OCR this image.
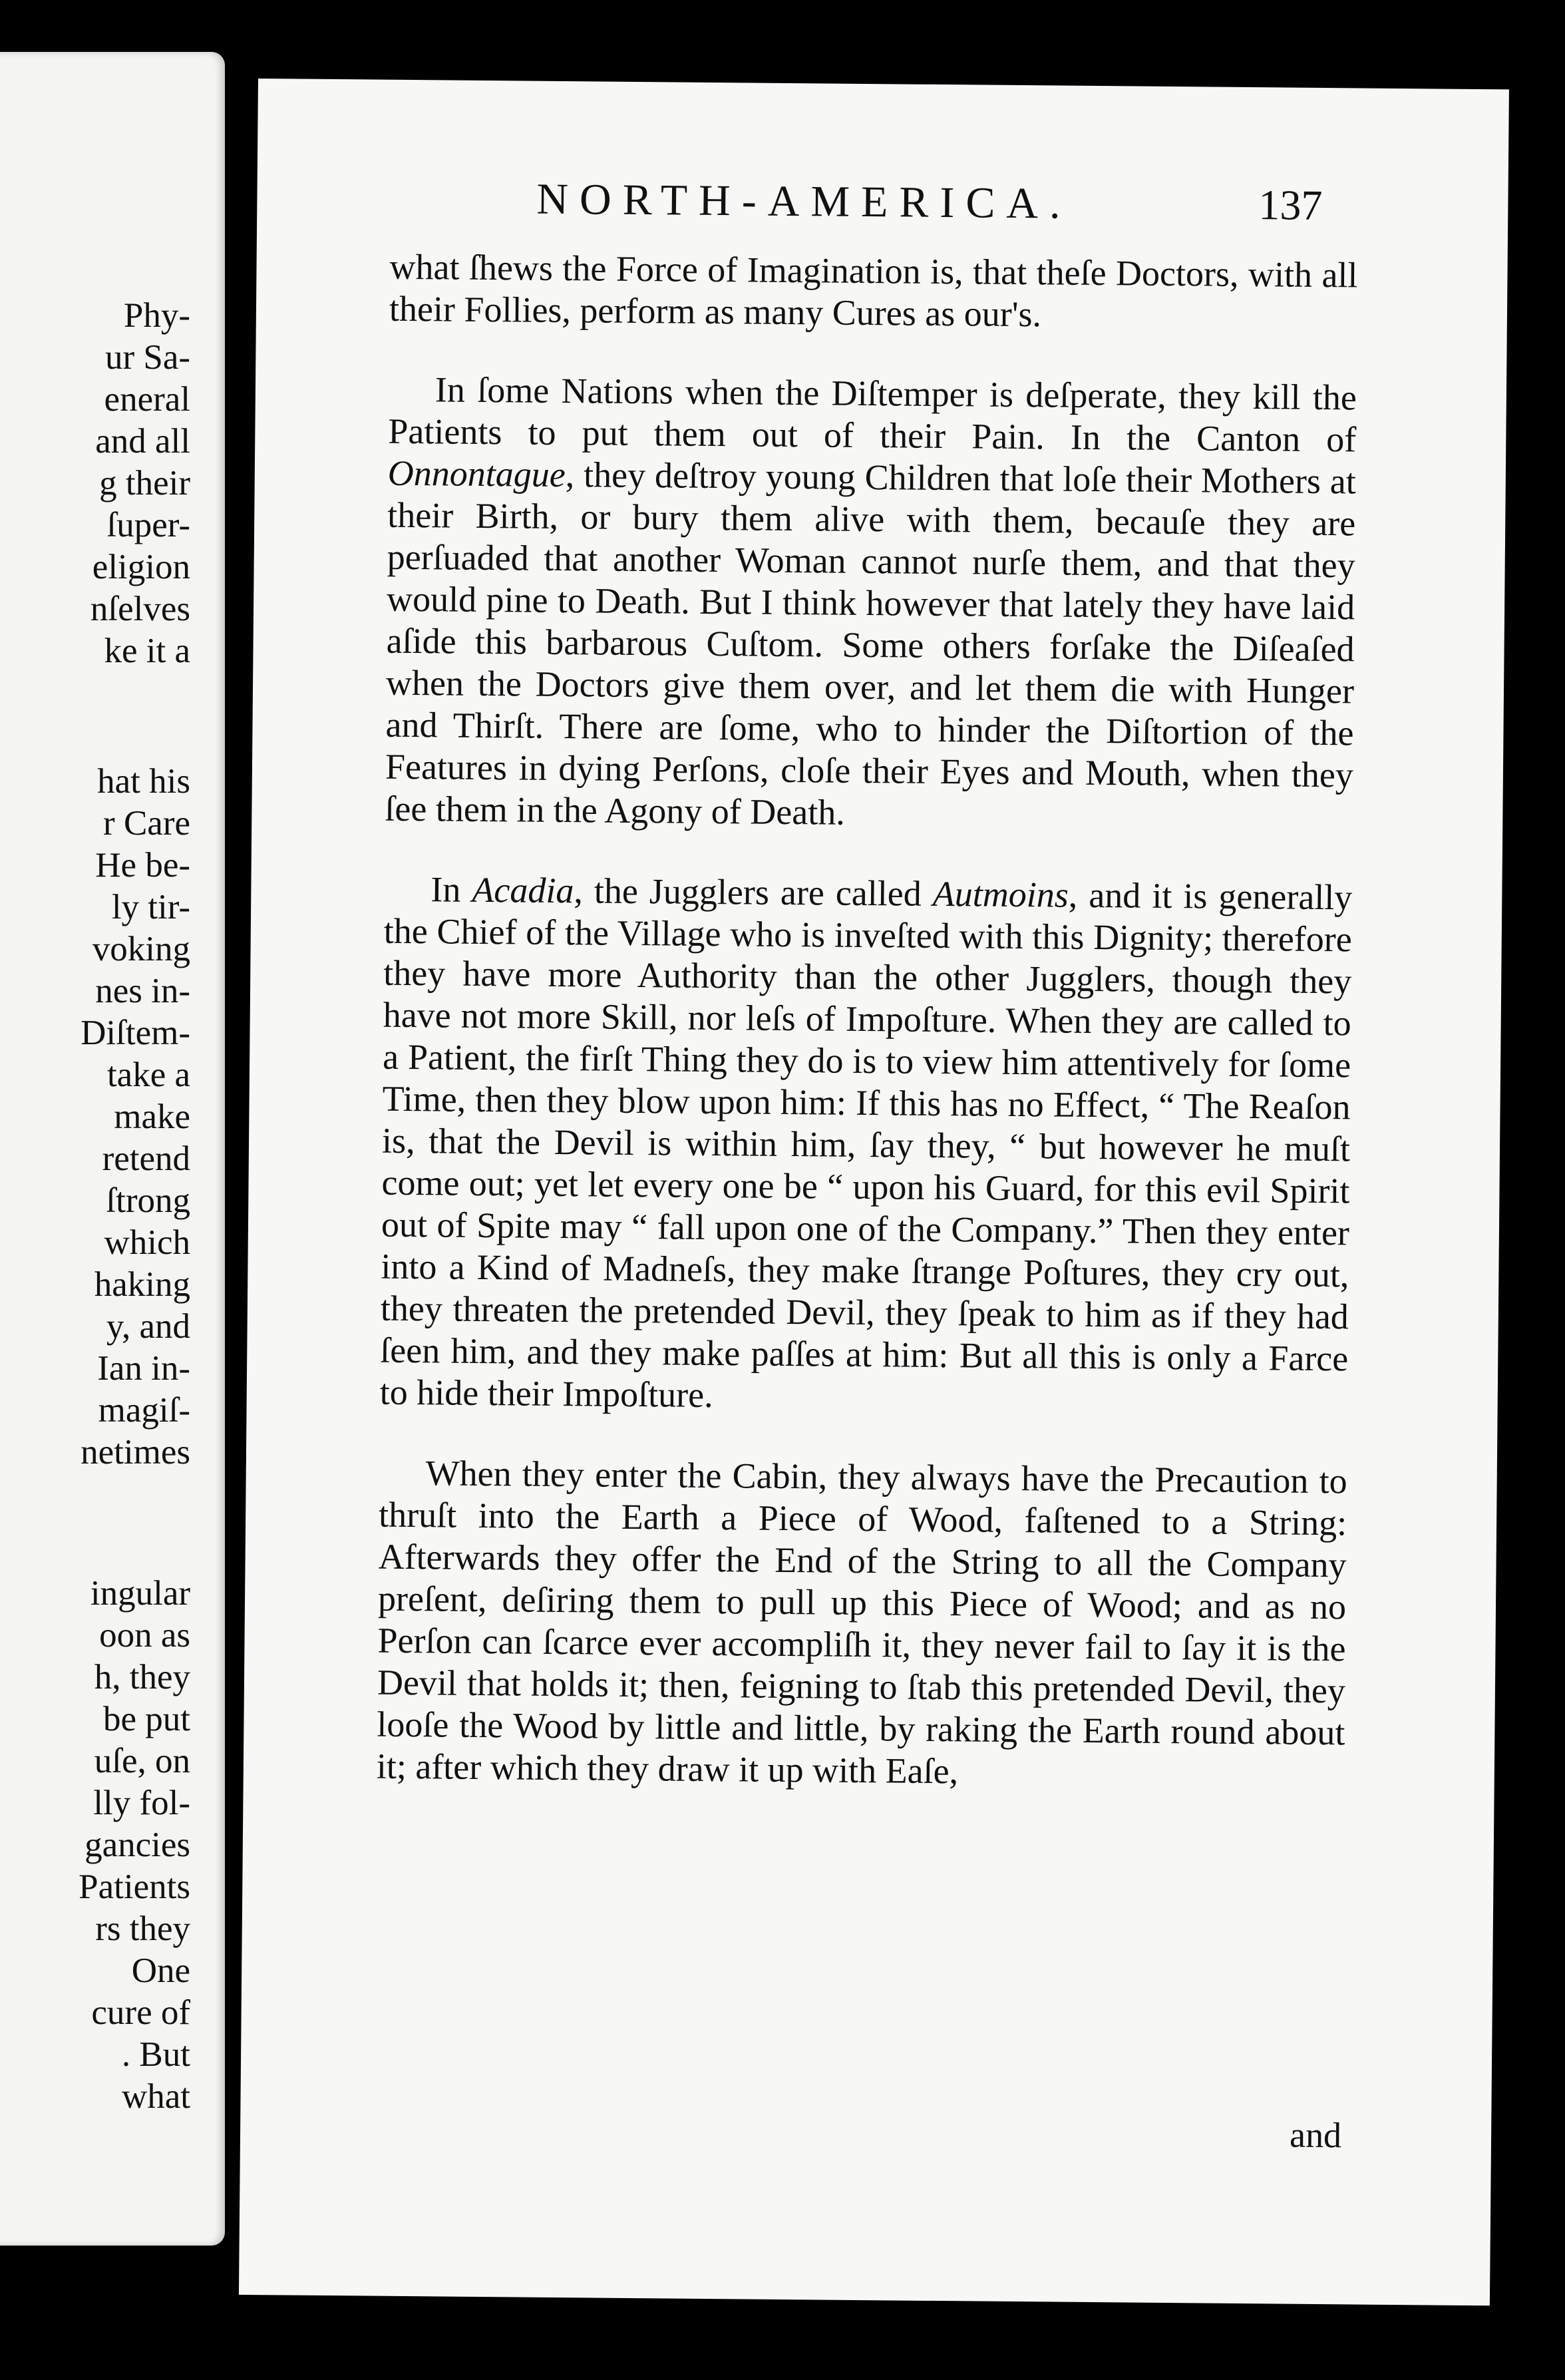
Phy-
ur Sa-
eneral
and all
g their
ſuper-
eligion
nſelves
ke it a
hat his
r Care
He be-
ly tir-
voking
nes in-
Diſtem-
take a
make
retend
ſtrong
which
haking
y, and
Ian in-
magiſ-
netimes
ingular
oon as
h, they
be put
uſe, on
lly fol-
gancies
Patients
rs they
One
cure of
. But
what
NORTH-AMERICA.	137

what ſhews the Force of Imagination is, that theſe Doctors, with all their Follies, perform as many Cures as our's.

In ſome Nations when the Diſtemper is deſperate, they kill the Patients to put them out of their Pain. In the Canton of Onnontague, they deſtroy young Children that loſe their Mothers at their Birth, or bury them alive with them, becauſe they are perſuaded that another Woman cannot nurſe them, and that they would pine to Death. But I think however that lately they have laid aſide this barbarous Cuſtom. Some others forſake the Diſeaſed when the Doctors give them over, and let them die with Hunger and Thirſt. There are ſome, who to hinder the Diſtortion of the Features in dying Perſons, cloſe their Eyes and Mouth, when they ſee them in the Agony of Death.

In Acadia, the Jugglers are called Autmoins, and it is generally the Chief of the Village who is inveſted with this Dignity; therefore they have more Authority than the other Jugglers, though they have not more Skill, nor leſs of Impoſture. When they are called to a Patient, the firſt Thing they do is to view him attentively for ſome Time, then they blow upon him: If this has no Effect, “ The Reaſon is, that the Devil is within him, ſay they, “ but however he muſt come out; yet let every one be “ upon his Guard, for this evil Spirit out of Spite may “ fall upon one of the Company.” Then they enter into a Kind of Madneſs, they make ſtrange Poſtures, they cry out, they threaten the pretended Devil, they ſpeak to him as if they had ſeen him, and they make paſſes at him: But all this is only a Farce to hide their Impoſture.

When they enter the Cabin, they always have the Precaution to thruſt into the Earth a Piece of Wood, faſtened to a String: Afterwards they offer the End of the String to all the Company preſent, deſiring them to pull up this Piece of Wood; and as no Perſon can ſcarce ever accompliſh it, they never fail to ſay it is the Devil that holds it; then, feigning to ſtab this pretended Devil, they looſe the Wood by little and little, by raking the Earth round about it; after which they draw it up with Eaſe,

and
